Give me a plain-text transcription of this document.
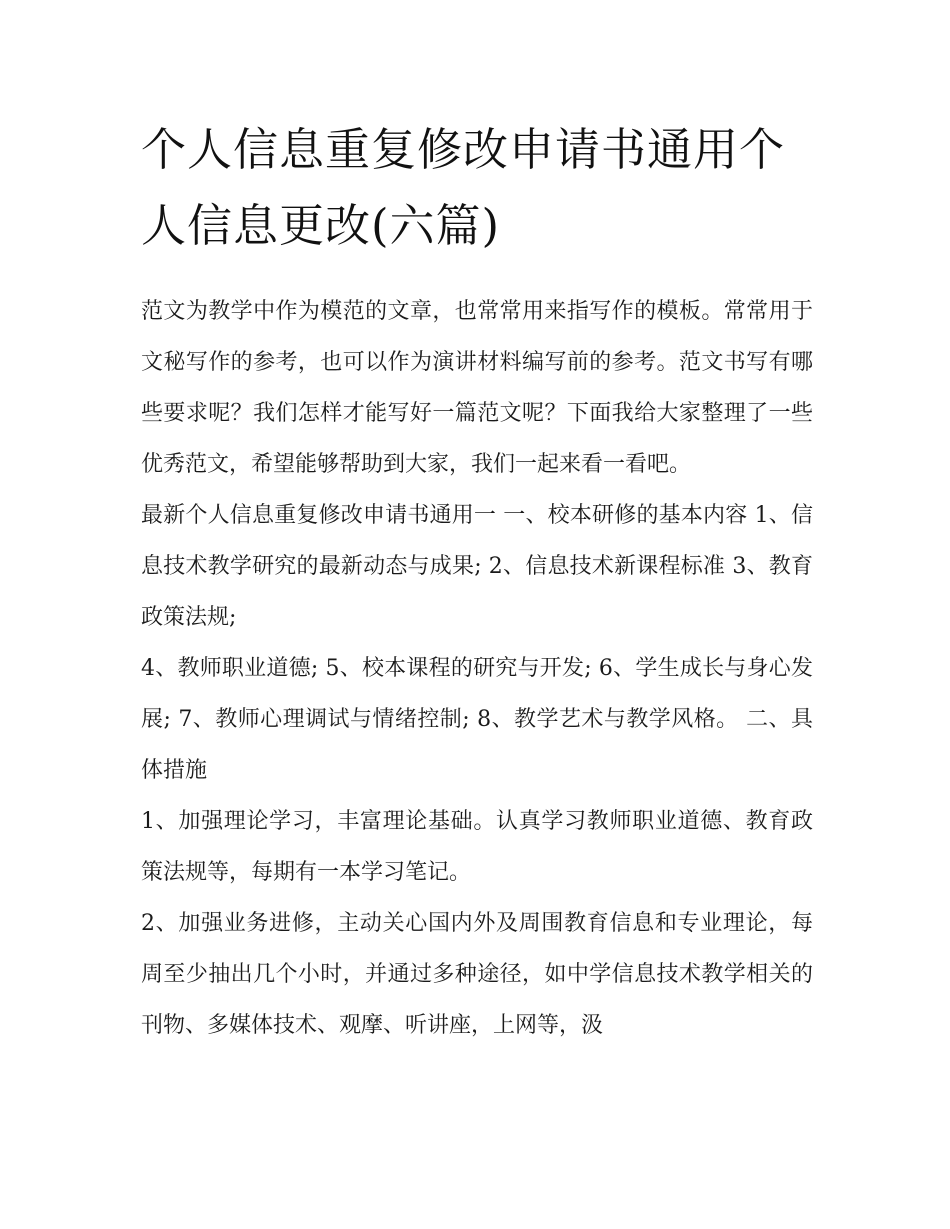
个人信息重复修改申请书通用个人信息更改(六篇)

范文为教学中作为模范的文章，也常常用来指写作的模板。常常用于文秘写作的参考，也可以作为演讲材料编写前的参考。范文书写有哪些要求呢？我们怎样才能写好一篇范文呢？下面我给大家整理了一些优秀范文，希望能够帮助到大家，我们一起来看一看吧。

最新个人信息重复修改申请书通用一 一、校本研修的基本内容 1、信息技术教学研究的最新动态与成果; 2、信息技术新课程标准 3、教育政策法规;

4、教师职业道德; 5、校本课程的研究与开发; 6、学生成长与身心发展; 7、教师心理调试与情绪控制; 8、教学艺术与教学风格。 二、具体措施

1、加强理论学习，丰富理论基础。认真学习教师职业道德、教育政策法规等，每期有一本学习笔记。

2、加强业务进修，主动关心国内外及周围教育信息和专业理论，每周至少抽出几个小时，并通过多种途径，如中学信息技术教学相关的刊物、多媒体技术、观摩、听讲座，上网等，汲
